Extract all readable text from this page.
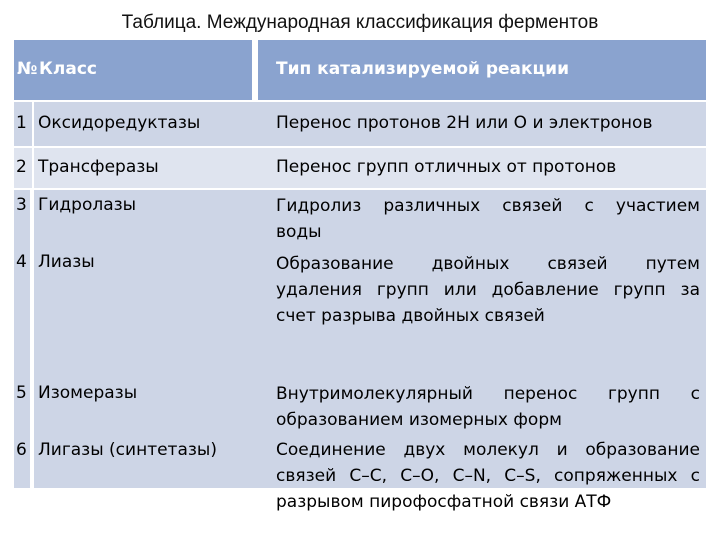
Таблица. Международная классификация ферментов
Тип катализируемой реакции
№ Класс
1 Оксидоредуктазы	Перенос протонов 2Н или О и электронов
2 Трансферазы	Перенос групп отличных от протонов
3
4
5
6
Гидролазы
Лиазы
Изомеразы
Лигазы (синтетазы)
Гидролиз различных связей с участием
воды
Образование двойных связей путем
удаления групп или добавление групп за
счет разрыва двойных связей
Внутримолекулярный перенос групп с
образованием изомерных форм
Соединение двух молекул и образование
связей С–С, С–О, С–N, C–S, сопряженных с
разрывом пирофосфатной связи АТФ
